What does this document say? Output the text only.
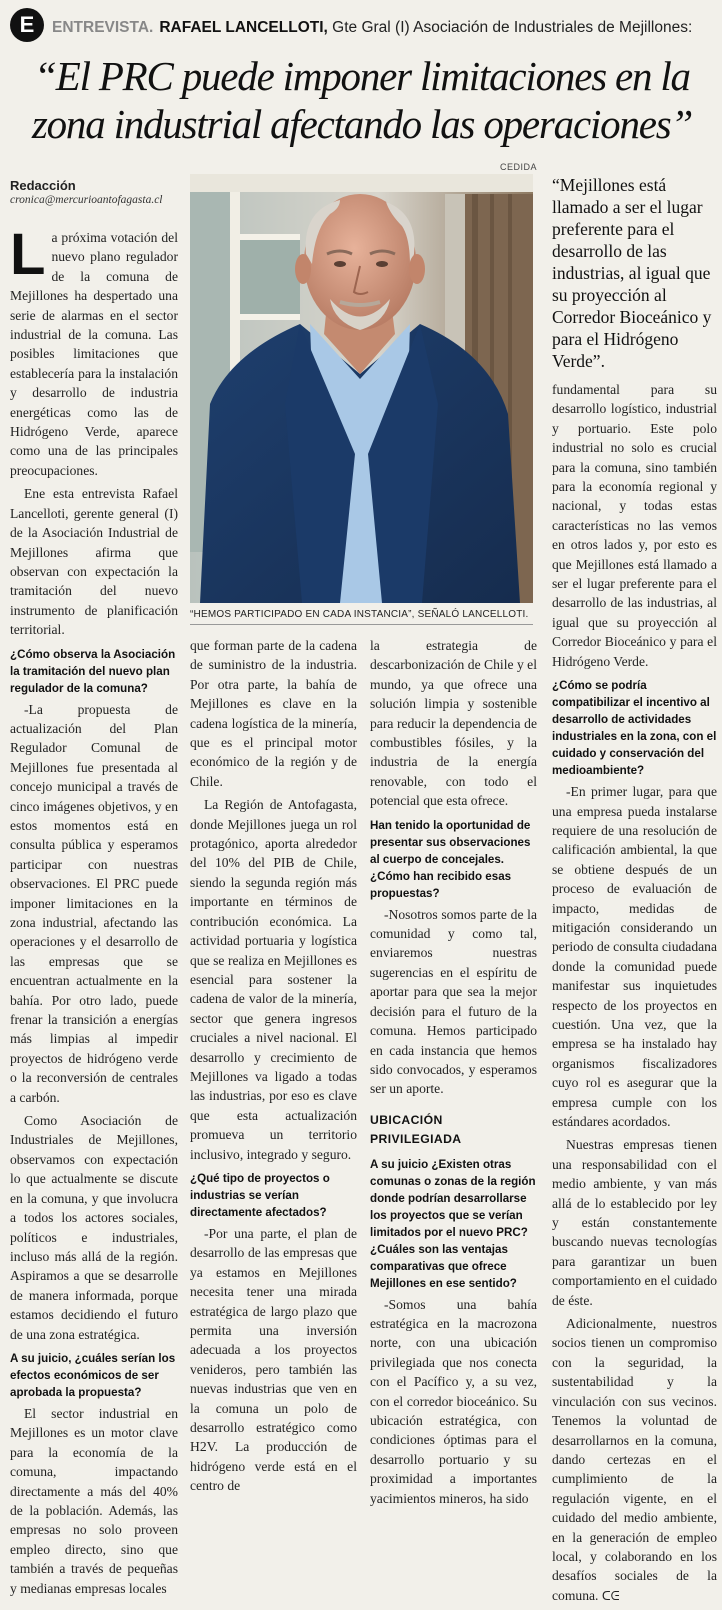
E	ENTREVISTA. RAFAEL LANCELLOTI, Gte Gral (I) Asociación de Industriales de Mejillones:
“El PRC puede imponer limitaciones en la zona industrial afectando las operaciones”
CEDIDA
Redacción
cronica@mercurioantofagasta.cl
“HEMOS PARTICIPADO EN CADA INSTANCIA”, SEÑALÓ LANCELLOTI.
“Mejillones está llamado a ser el lugar preferente para el desarrollo de las industrias, al igual que su proyección al Corredor Bioceánico y para el Hidrógeno Verde”.

La próxima votación del nuevo plano regulador de la comuna de Mejillones ha despertado una serie de alarmas en el sector industrial de la comuna. Las posibles limitaciones que establecería para la instalación y desarrollo de industria energéticas como las de Hidrógeno Verde, aparece como una de las principales preocupaciones.

Ene esta entrevista Rafael Lancelloti, gerente general (I) de la Asociación Industrial de Mejillones afirma que observan con expectación la tramitación del nuevo instrumento de planificación territorial.

¿Cómo observa la Asociación la tramitación del nuevo plan regulador de la comuna?

-La propuesta de actualización del Plan Regulador Comunal de Mejillones fue presentada al concejo municipal a través de cinco imágenes objetivos, y en estos momentos está en consulta pública y esperamos participar con nuestras observaciones. El PRC puede imponer limitaciones en la zona industrial, afectando las operaciones y el desarrollo de las empresas que se encuentran actualmente en la bahía. Por otro lado, puede frenar la transición a energías más limpias al impedir proyectos de hidrógeno verde o la reconversión de centrales a carbón.

Como Asociación de Industriales de Mejillones, observamos con expectación lo que actualmente se discute en la comuna, y que involucra a todos los actores sociales, políticos e industriales, incluso más allá de la región. Aspiramos a que se desarrolle de manera informada, porque estamos decidiendo el futuro de una zona estratégica.

A su juicio, ¿cuáles serían los efectos económicos de ser aprobada la propuesta?

El sector industrial en Mejillones es un motor clave para la economía de la comuna, impactando directamente a más del 40% de la población. Además, las empresas no solo proveen empleo directo, sino que también a través de pequeñas y medianas empresas locales

que forman parte de la cadena de suministro de la industria. Por otra parte, la bahía de Mejillones es clave en la cadena logística de la minería, que es el principal motor económico de la región y de Chile.

La Región de Antofagasta, donde Mejillones juega un rol protagónico, aporta alrededor del 10% del PIB de Chile, siendo la segunda región más importante en términos de contribución económica. La actividad portuaria y logística que se realiza en Mejillones es esencial para sostener la cadena de valor de la minería, sector que genera ingresos cruciales a nivel nacional. El desarrollo y crecimiento de Mejillones va ligado a todas las industrias, por eso es clave que esta actualización promueva un territorio inclusivo, integrado y seguro.

¿Qué tipo de proyectos o industrias se verían directamente afectados?

-Por una parte, el plan de desarrollo de las empresas que ya estamos en Mejillones necesita tener una mirada estratégica de largo plazo que permita una inversión adecuada a los proyectos venideros, pero también las nuevas industrias que ven en la comuna un polo de desarrollo estratégico como H2V. La producción de hidrógeno verde está en el centro de

la estrategia de descarbonización de Chile y el mundo, ya que ofrece una solución limpia y sostenible para reducir la dependencia de combustibles fósiles, y la industria de la energía renovable, con todo el potencial que esta ofrece.

Han tenido la oportunidad de presentar sus observaciones al cuerpo de concejales. ¿Cómo han recibido esas propuestas?

-Nosotros somos parte de la comunidad y como tal, enviaremos nuestras sugerencias en el espíritu de aportar para que sea la mejor decisión para el futuro de la comuna. Hemos participado en cada instancia que hemos sido convocados, y esperamos ser un aporte.

UBICACIÓN PRIVILEGIADA

A su juicio ¿Existen otras comunas o zonas de la región donde podrían desarrollarse los proyectos que se verían limitados por el nuevo PRC? ¿Cuáles son las ventajas comparativas que ofrece Mejillones en ese sentido?

-Somos una bahía estratégica en la macrozona norte, con una ubicación privilegiada que nos conecta con el Pacífico y, a su vez, con el corredor bioceánico. Su ubicación estratégica, con condiciones óptimas para el desarrollo portuario y su proximidad a importantes yacimientos mineros, ha sido

fundamental para su desarrollo logístico, industrial y portuario. Este polo industrial no solo es crucial para la comuna, sino también para la economía regional y nacional, y todas estas características no las vemos en otros lados y, por esto es que Mejillones está llamado a ser el lugar preferente para el desarrollo de las industrias, al igual que su proyección al Corredor Bioceánico y para el Hidrógeno Verde.

¿Cómo se podría compatibilizar el incentivo al desarrollo de actividades industriales en la zona, con el cuidado y conservación del medioambiente?

-En primer lugar, para que una empresa pueda instalarse requiere de una resolución de calificación ambiental, la que se obtiene después de un proceso de evaluación de impacto, medidas de mitigación considerando un periodo de consulta ciudadana donde la comunidad puede manifestar sus inquietudes respecto de los proyectos en cuestión. Una vez, que la empresa se ha instalado hay organismos fiscalizadores cuyo rol es asegurar que la empresa cumple con los estándares acordados.

Nuestras empresas tienen una responsabilidad con el medio ambiente, y van más allá de lo establecido por ley y están constantemente buscando nuevas tecnologías para garantizar un buen comportamiento en el cuidado de éste.

Adicionalmente, nuestros socios tienen un compromiso con la seguridad, la sustentabilidad y la vinculación con sus vecinos. Tenemos la voluntad de desarrollarnos en la comuna, dando certezas en el cumplimiento de la regulación vigente, en el cuidado del medio ambiente, en la generación de empleo local, y colaborando en los desafíos sociales de la comuna. ᑕᕮ
